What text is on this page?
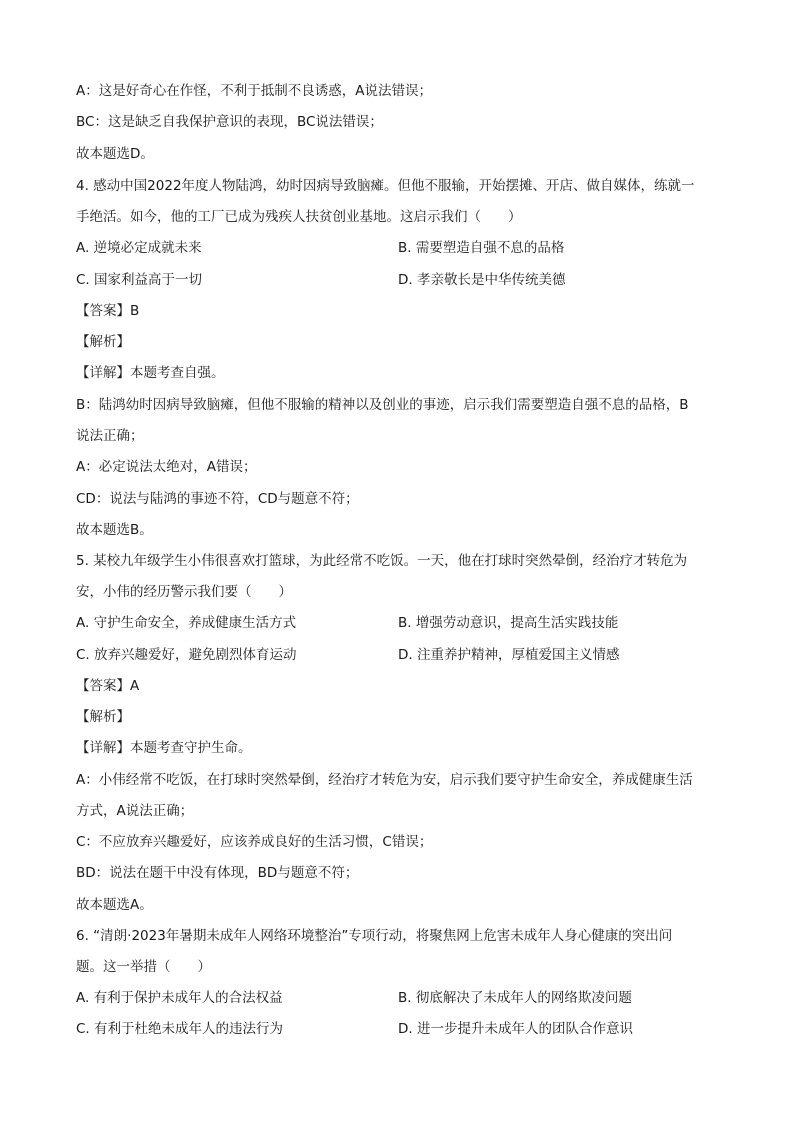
A：这是好奇心在作怪，不利于抵制不良诱惑，A说法错误；
BC：这是缺乏自我保护意识的表现，BC说法错误；
故本题选D。
4. 感动中国2022年度人物陆鸿，幼时因病导致脑瘫。但他不服输，开始摆摊、开店、做自媒体，练就一
手绝活。如今，他的工厂已成为残疾人扶贫创业基地。这启示我们（　　）
A. 逆境必定成就未来	B. 需要塑造自强不息的品格
C. 国家利益高于一切	D. 孝亲敬长是中华传统美德
【答案】B
【解析】
【详解】本题考查自强。
B：陆鸿幼时因病导致脑瘫，但他不服输的精神以及创业的事迹，启示我们需要塑造自强不息的品格，B
说法正确；
A：必定说法太绝对，A错误；
CD：说法与陆鸿的事迹不符，CD与题意不符；
故本题选B。
5. 某校九年级学生小伟很喜欢打篮球，为此经常不吃饭。一天，他在打球时突然晕倒，经治疗才转危为
安，小伟的经历警示我们要（　　）
A. 守护生命安全，养成健康生活方式	B. 增强劳动意识，提高生活实践技能
C. 放弃兴趣爱好，避免剧烈体育运动	D. 注重养护精神，厚植爱国主义情感
【答案】A
【解析】
【详解】本题考查守护生命。
A：小伟经常不吃饭，在打球时突然晕倒，经治疗才转危为安，启示我们要守护生命安全，养成健康生活
方式，A说法正确；
C：不应放弃兴趣爱好，应该养成良好的生活习惯，C错误；
BD：说法在题干中没有体现，BD与题意不符；
故本题选A。
6. “清朗·2023年暑期未成年人网络环境整治”专项行动，将聚焦网上危害未成年人身心健康的突出问
题。这一举措（　　）
A. 有利于保护未成年人的合法权益	B. 彻底解决了未成年人的网络欺凌问题
C. 有利于杜绝未成年人的违法行为	D. 进一步提升未成年人的团队合作意识
